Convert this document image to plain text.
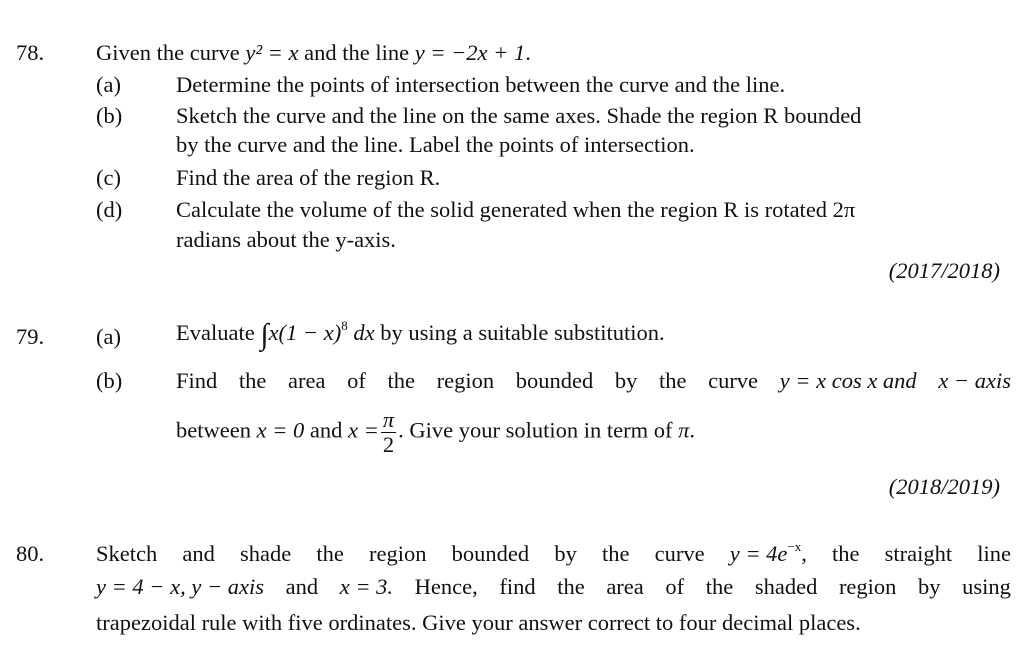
78. Given the curve y² = x and the line y = −2x + 1.
(a) Determine the points of intersection between the curve and the line.
(b) Sketch the curve and the line on the same axes. Shade the region R bounded
by the curve and the line. Label the points of intersection.
(c) Find the area of the region R.
(d) Calculate the volume of the solid generated when the region R is rotated 2π
radians about the y-axis.
(2017/2018)
79. (a) Evaluate $\int x(1 - x)^8$ dx by using a suitable substitution.
(b) Find the area of the region bounded by the curve y = x cos x and x − axis
between x = 0 and $x = \frac{\pi}{2}$ . Give your solution in term of π.
(2018/2019)
80. Sketch and shade the region bounded by the curve $y = 4e^{-x}$, the straight line
y = 4 − x, y − axis and x = 3. Hence, find the area of the shaded region by using
trapezoidal rule with five ordinates. Give your answer correct to four decimal places.
